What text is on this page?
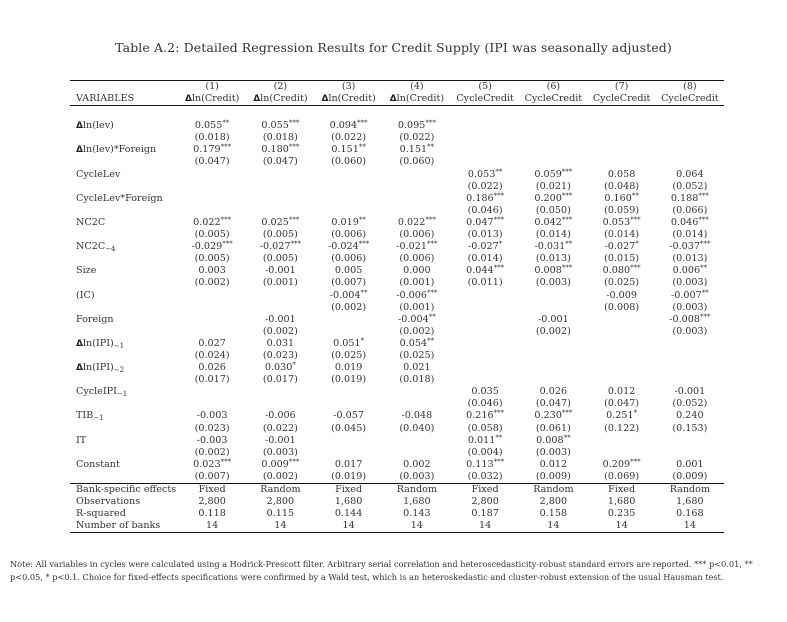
Table A.2: Detailed Regression Results for Credit Supply (IPI was seasonally adjusted)
	(1)	(2)	(3)	(4)	(5)	(6)	(7)	(8)
VARIABLES	Δln(Credit)	Δln(Credit)	Δln(Credit)	Δln(Credit)	CycleCredit	CycleCredit	CycleCredit	CycleCredit

Δln(lev)	0.055**	0.055***	0.094***	0.095***				
	(0.018)	(0.018)	(0.022)	(0.022)				
Δln(lev)*Foreign	0.179***	0.180***	0.151**	0.151**				
	(0.047)	(0.047)	(0.060)	(0.060)				
CycleLev					0.053**	0.059***	0.058	0.064
					(0.022)	(0.021)	(0.048)	(0.052)
CycleLev*Foreign					0.186***	0.200***	0.160**	0.188***
					(0.046)	(0.050)	(0.059)	(0.066)
NC2C	0.022***	0.025***	0.019**	0.022***	0.047***	0.042***	0.053***	0.046***
	(0.005)	(0.005)	(0.006)	(0.006)	(0.013)	(0.014)	(0.014)	(0.014)
$NC2C_{-4}$	-0.029***	-0.027***	-0.024***	-0.021***	-0.027*	-0.031**	-0.027*	-0.037***
	(0.005)	(0.005)	(0.006)	(0.006)	(0.014)	(0.013)	(0.015)	(0.013)
Size	0.003	-0.001	0.005	0.000	0.044***	0.008***	0.080***	0.006**
	(0.002)	(0.001)	(0.007)	(0.001)	(0.011)	(0.003)	(0.025)	(0.003)
(IC)			-0.004**	-0.006***			-0.009	-0.007**
			(0.002)	(0.001)			(0.008)	(0.003)
Foreign		-0.001		-0.004**		-0.001		-0.008***
		(0.002)		(0.002)		(0.002)		(0.003)
$\Delta\ln(IPI)_{-1}$	0.027	0.031	0.051*	0.054**				
	(0.024)	(0.023)	(0.025)	(0.025)				
$\Delta\ln(IPI)_{-2}$	0.026	0.030*	0.019	0.021				
	(0.017)	(0.017)	(0.019)	(0.018)				
CycleIPI$_{-1}$					0.035	0.026	0.012	-0.001
					(0.046)	(0.047)	(0.047)	(0.052)
$TIB_{-1}$	-0.003	-0.006	-0.057	-0.048	0.216***	0.230***	0.251*	0.240
	(0.023)	(0.022)	(0.045)	(0.040)	(0.058)	(0.061)	(0.122)	(0.153)
IT	-0.003	-0.001			0.011**	0.008**		
	(0.002)	(0.003)			(0.004)	(0.003)		
Constant	0.023***	0.009***	0.017	0.002	0.113***	0.012	0.209***	0.001
	(0.007)	(0.002)	(0.019)	(0.003)	(0.032)	(0.009)	(0.069)	(0.009)
Bank-specific effects	Fixed	Random	Fixed	Random	Fixed	Random	Fixed	Random
Observations	2,800	2,800	1,680	1,680	2,800	2,800	1,680	1,680
R-squared	0.118	0.115	0.144	0.143	0.187	0.158	0.235	0.168
Number of banks	14	14	14	14	14	14	14	14
Note: All variables in cycles were calculated using a Hodrick-Prescott filter. Arbitrary serial correlation and heteroscedasticity-robust standard errors are reported. *** p<0.01, ** p<0.05, * p<0.1. Choice for fixed-effects specifications were confirmed by a Wald test, which is an heteroskedastic and cluster-robust extension of the usual Hausman test.
